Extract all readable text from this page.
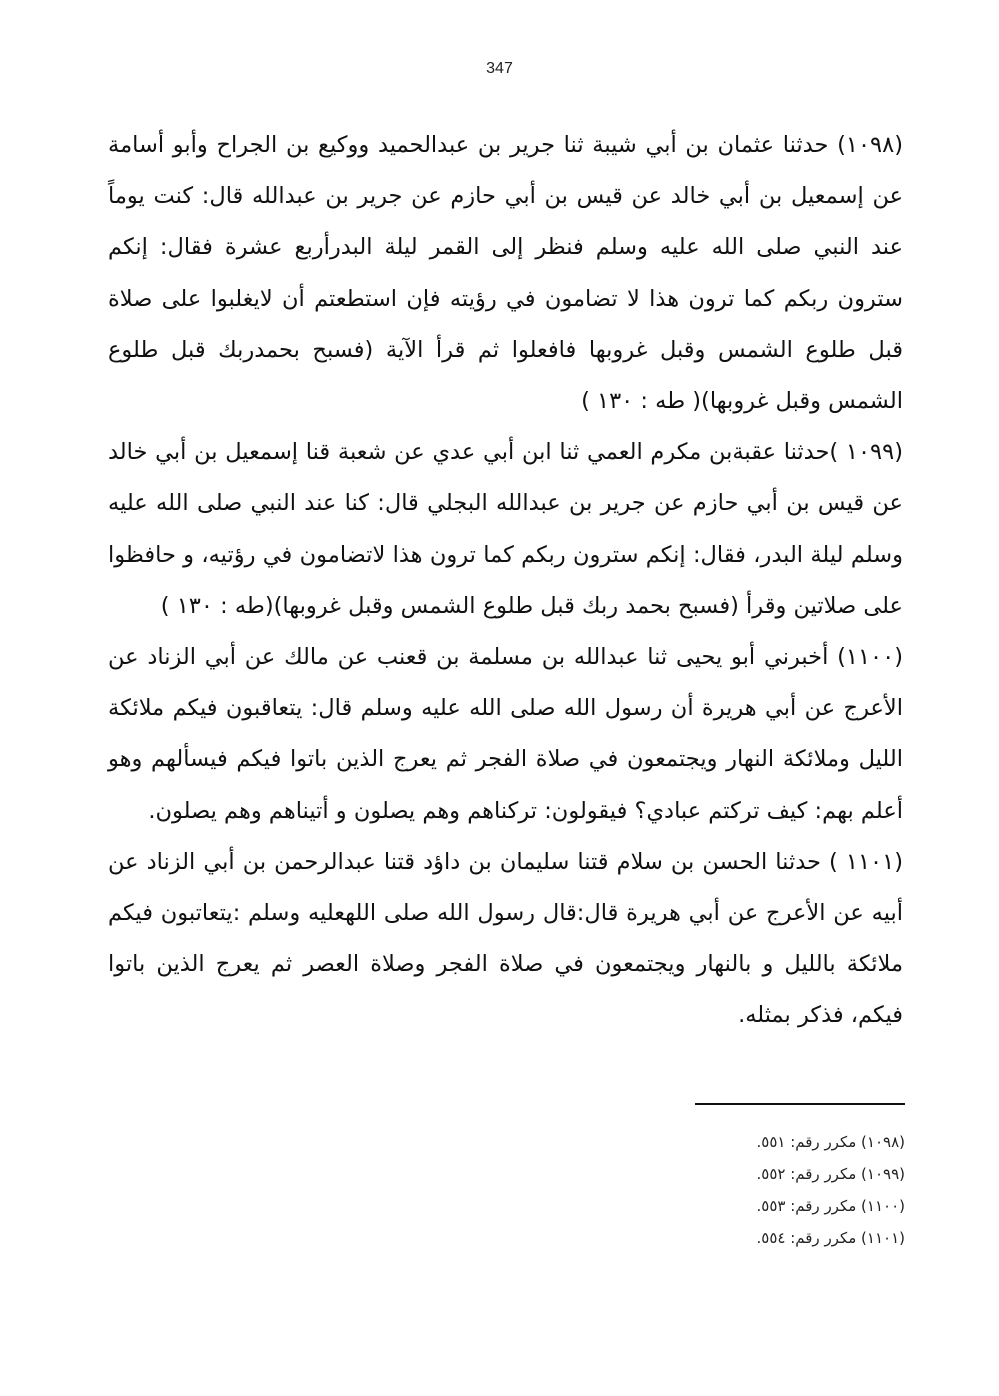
347

(١٠٩٨) حدثنا عثمان بن أبي شيبة ثنا جرير بن عبدالحميد ووكيع بن الجراح وأبو أسامة عن إسمعيل بن أبي خالد عن قيس بن أبي حازم عن جرير بن عبدالله قال: كنت يوماً عند النبي صلى الله عليه وسلم فنظر إلى القمر ليلة البدرأربع عشرة فقال: إنكم سترون ربكم كما ترون هذا لا تضامون في رؤيته فإن استطعتم أن لايغلبوا على صلاة قبل طلوع الشمس وقبل غروبها فافعلوا ثم قرأ الآية (فسبح بحمدربك قبل طلوع الشمس وقبل غروبها)( طه : ١٣٠ )

(١٠٩٩ )حدثنا عقبةبن مكرم العمي ثنا ابن أبي عدي عن شعبة قنا إسمعيل بن أبي خالد عن قيس بن أبي حازم عن جرير بن عبدالله البجلي قال: كنا عند النبي صلى الله عليه وسلم ليلة البدر، فقال: إنكم سترون ربكم كما ترون هذا لاتضامون في رؤتيه، و حافظوا على صلاتين وقرأ (فسبح بحمد ربك قبل طلوع الشمس وقبل غروبها)(طه : ١٣٠ )

(١١٠٠) أخبرني أبو يحيى ثنا عبدالله بن مسلمة بن قعنب عن مالك عن أبي الزناد عن الأعرج عن أبي هريرة أن رسول الله صلى الله عليه وسلم قال: يتعاقبون فيكم ملائكة الليل وملائكة النهار ويجتمعون في صلاة الفجر ثم يعرج الذين باتوا فيكم فيسألهم وهو أعلم بهم: كيف تركتم عبادي؟ فيقولون: تركناهم وهم يصلون و أتيناهم وهم يصلون.

(١١٠١ ) حدثنا الحسن بن سلام قتنا سليمان بن داؤد قتنا عبدالرحمن بن أبي الزناد عن أبيه عن الأعرج عن أبي هريرة قال:قال رسول الله صلى اللهعليه وسلم :يتعاتبون فيكم ملائكة بالليل و بالنهار ويجتمعون في صلاة الفجر وصلاة العصر ثم يعرج الذين باتوا فيكم، فذكر بمثله.

(١٠٩٨) مكرر رقم: ٥٥١.
(١٠٩٩) مكرر رقم: ٥٥٢.
(١١٠٠) مكرر رقم: ٥٥٣.
(١١٠١) مكرر رقم: ٥٥٤.
